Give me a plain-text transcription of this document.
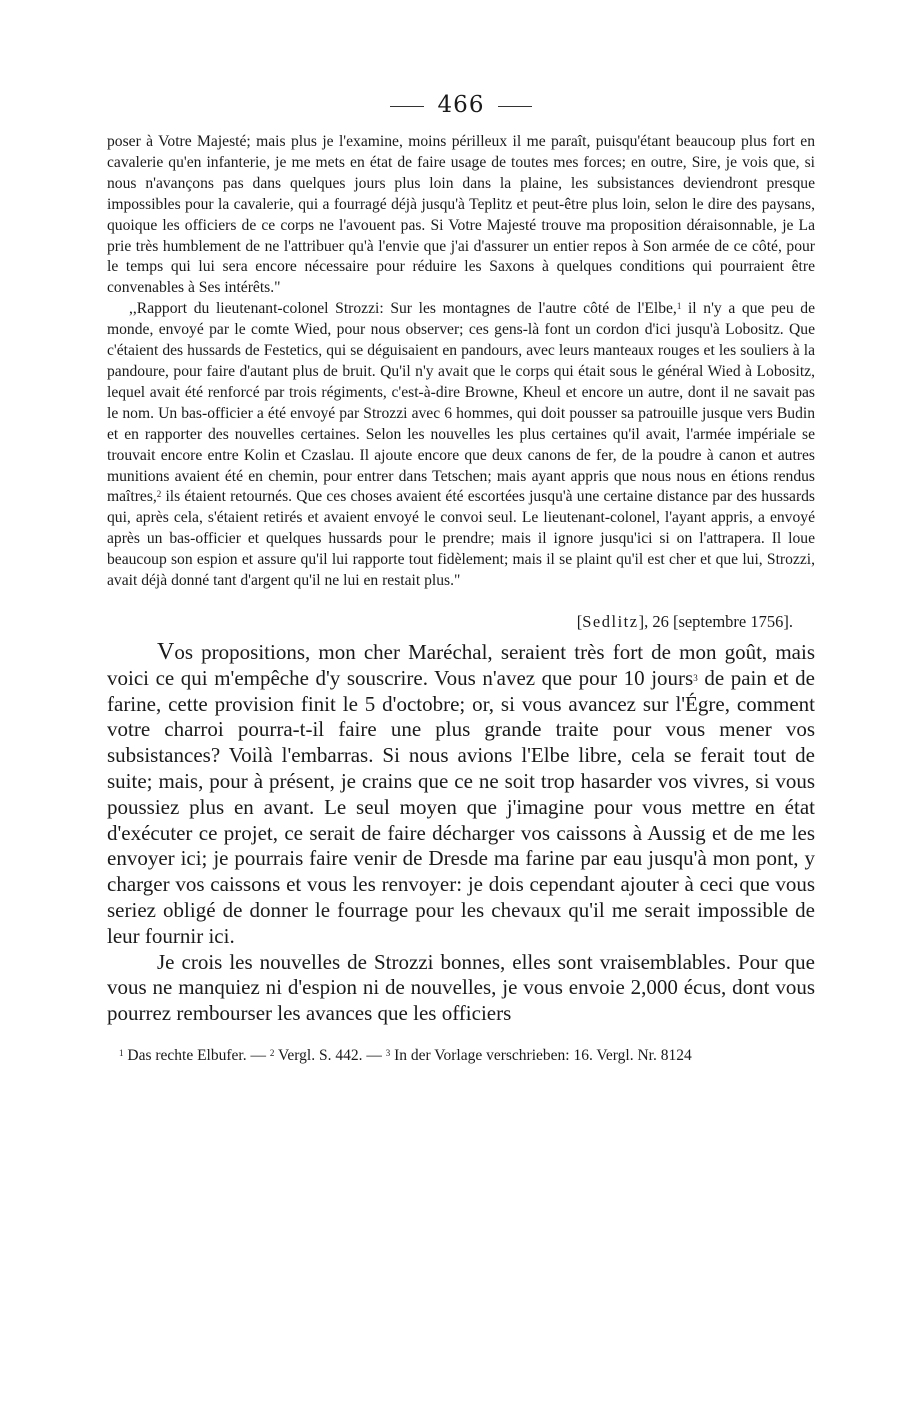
466

poser à Votre Majesté; mais plus je l'examine, moins périlleux il me paraît, puisqu'étant beaucoup plus fort en cavalerie qu'en infanterie, je me mets en état de faire usage de toutes mes forces; en outre, Sire, je vois que, si nous n'avançons pas dans quelques jours plus loin dans la plaine, les subsistances deviendront presque impossibles pour la cavalerie, qui a fourragé déjà jusqu'à Teplitz et peut-être plus loin, selon le dire des paysans, quoique les officiers de ce corps ne l'avouent pas. Si Votre Majesté trouve ma proposition déraisonnable, je La prie très humblement de ne l'attribuer qu'à l'envie que j'ai d'assurer un entier repos à Son armée de ce côté, pour le temps qui lui sera encore nécessaire pour réduire les Saxons à quelques conditions qui pourraient être convenables à Ses intérêts."

,,Rapport du lieutenant-colonel Strozzi: Sur les montagnes de l'autre côté de l'Elbe,$^1$ il n'y a que peu de monde, envoyé par le comte Wied, pour nous observer; ces gens-là font un cordon d'ici jusqu'à Lobositz. Que c'étaient des hussards de Festetics, qui se déguisaient en pandours, avec leurs manteaux rouges et les souliers à la pandoure, pour faire d'autant plus de bruit. Qu'il n'y avait que le corps qui était sous le général Wied à Lobositz, lequel avait été renforcé par trois régiments, c'est-à-dire Browne, Kheul et encore un autre, dont il ne savait pas le nom. Un bas-officier a été envoyé par Strozzi avec 6 hommes, qui doit pousser sa patrouille jusque vers Budin et en rapporter des nouvelles certaines. Selon les nouvelles les plus certaines qu'il avait, l'armée impériale se trouvait encore entre Kolin et Czaslau. Il ajoute encore que deux canons de fer, de la poudre à canon et autres munitions avaient été en chemin, pour entrer dans Tetschen; mais ayant appris que nous nous en étions rendus maîtres,$^2$ ils étaient retournés. Que ces choses avaient été escortées jusqu'à une certaine distance par des hussards qui, après cela, s'étaient retirés et avaient envoyé le convoi seul. Le lieutenant-colonel, l'ayant appris, a envoyé après un bas-officier et quelques hussards pour le prendre; mais il ignore jusqu'ici si on l'attrapera. Il loue beaucoup son espion et assure qu'il lui rapporte tout fidèlement; mais il se plaint qu'il est cher et que lui, Strozzi, avait déjà donné tant d'argent qu'il ne lui en restait plus."

[Sedlitz], 26 [septembre 1756].

Vos propositions, mon cher Maréchal, seraient très fort de mon goût, mais voici ce qui m'empêche d'y souscrire. Vous n'avez que pour 10 jours$^3$ de pain et de farine, cette provision finit le 5 d'octobre; or, si vous avancez sur l'Égre, comment votre charroi pourra-t-il faire une plus grande traite pour vous mener vos subsistances? Voilà l'embarras. Si nous avions l'Elbe libre, cela se ferait tout de suite; mais, pour à présent, je crains que ce ne soit trop hasarder vos vivres, si vous poussiez plus en avant. Le seul moyen que j'imagine pour vous mettre en état d'exécuter ce projet, ce serait de faire décharger vos caissons à Aussig et de me les envoyer ici; je pourrais faire venir de Dresde ma farine par eau jusqu'à mon pont, y charger vos caissons et vous les renvoyer: je dois cependant ajouter à ceci que vous seriez obligé de donner le fourrage pour les chevaux qu'il me serait impossible de leur fournir ici.

Je crois les nouvelles de Strozzi bonnes, elles sont vraisemblables. Pour que vous ne manquiez ni d'espion ni de nouvelles, je vous envoie 2,000 écus, dont vous pourrez rembourser les avances que les officiers

$^1$ Das rechte Elbufer. — $^2$ Vergl. S. 442. — $^3$ In der Vorlage verschrieben: 16. Vergl. Nr. 8124
